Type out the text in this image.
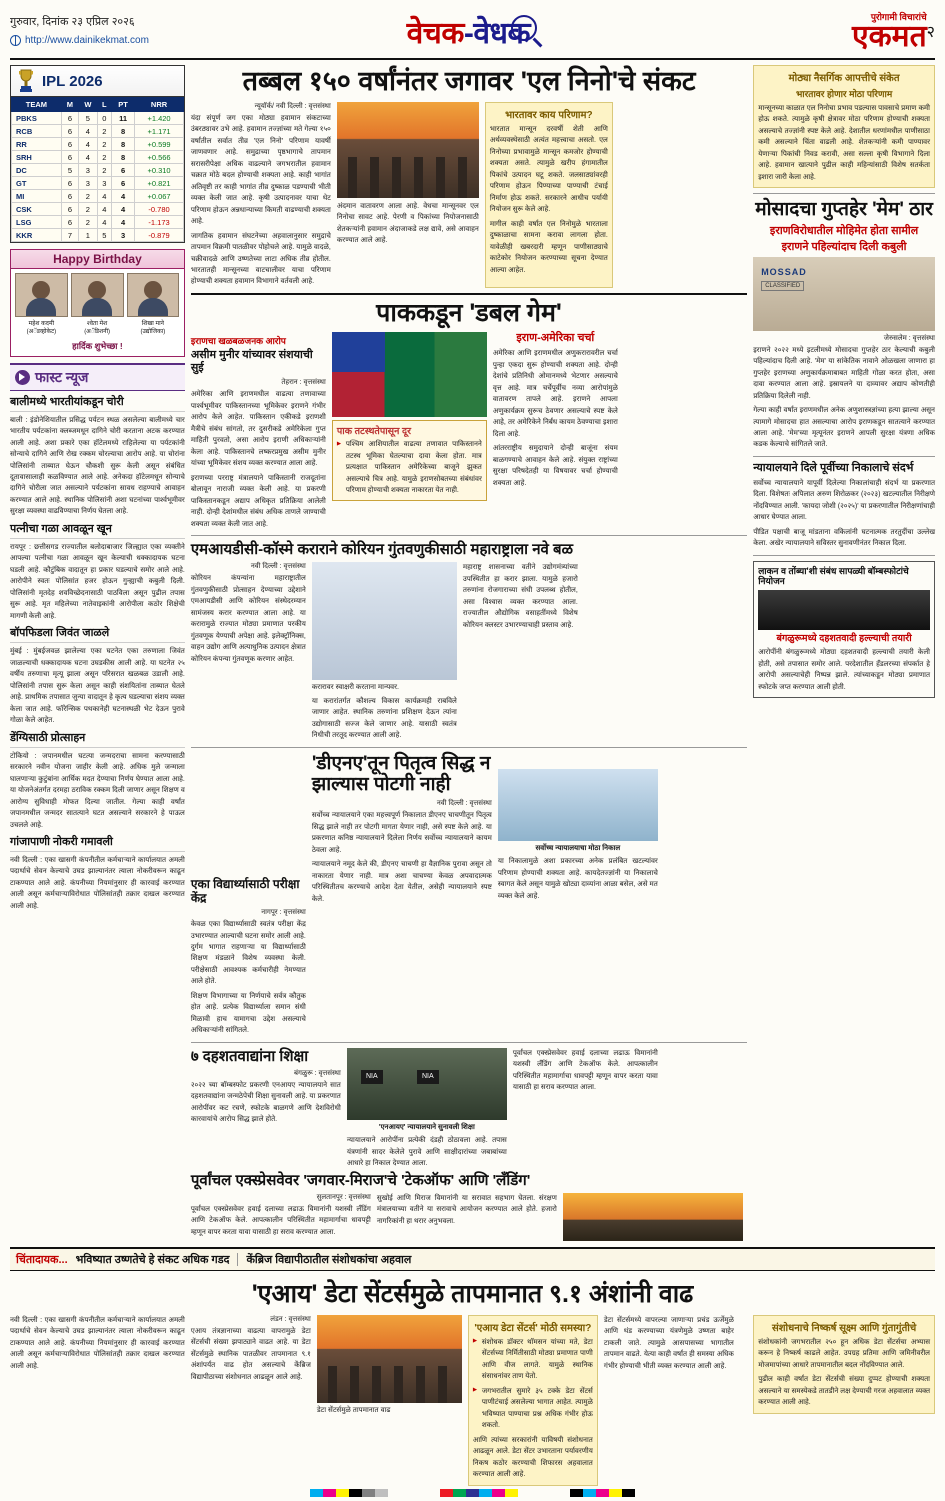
गुरुवार, दिनांक २३ एप्रिल २०२६
http://www.dainikekmat.com	वेचक-वेधक	पुरोगामी विचारांचे
एकमत २
IPL 2026
TEAM	M	W	L	PT	NRR
PBKS	6	5	0	11	+1.420
RCB	6	4	2	8	+1.171
RR	6	4	2	8	+0.599
SRH	6	4	2	8	+0.566
DC	5	3	2	6	+0.310
GT	6	3	3	6	+0.821
MI	6	2	4	4	+0.067
CSK	6	2	4	4	-0.780
LSG	6	2	4	4	-1.173
KKR	7	1	5	3	-0.879
Happy Birthday
महेश कदमी
(अॅडव्होकेट)
श्वेता मेश
(अॅडिशनी)
शिखा माने
(उद्योजिका)
हार्दिक शुभेच्छा !
फास्ट न्यूज
बालीमध्ये भारतीयांकडून चोरी
बाली : इंडोनेशियातील प्रसिद्ध पर्यटन स्थळ असलेल्या बालीमध्ये चार भारतीय पर्यटकांना क्लब्जमधून दागिने चोरी करताना अटक करण्यात आली आहे. अशा प्रकारे एका हॉटेलमध्ये राहिलेल्या या पर्यटकांनी सोन्याचे दागिने आणि रोख रक्कम चोरल्याचा आरोप आहे. या चोरांना पोलिसांनी ताब्यात घेऊन चौकशी सुरू केली असून संबंधित दूतावासालाही कळविण्यात आले आहे. अनेकदा हॉटेलमधून सोन्याचे दागिने चोरीला जात असल्याने पर्यटकांना सावध राहण्याचे आवाहन करण्यात आले आहे. स्थानिक पोलिसांनी अशा घटनांच्या पार्श्वभूमीवर सुरक्षा व्यवस्था वाढविण्याचा निर्णय घेतला आहे.
पत्नीचा गळा आवळून खून
रायपूर : छत्तीसगड राज्यातील बलोदाबाजार जिल्ह्यात एका व्यक्तीने आपल्या पत्नीचा गळा आवळून खून केल्याची धक्कादायक घटना घडली आहे. कौटुंबिक वादातून हा प्रकार घडल्याचे समोर आले आहे. आरोपीने स्वतः पोलिसांत हजर होऊन गुन्ह्याची कबुली दिली. पोलिसांनी मृतदेह शवविच्छेदनासाठी पाठविला असून पुढील तपास सुरू आहे. मृत महिलेच्या नातेवाइकांनी आरोपीला कठोर शिक्षेची मागणी केली आहे.
बॉपफिडला जिवंत जाळले
मुंबई : मुंबईजवळ झालेल्या एका घटनेत एका तरुणाला जिवंत जाळल्याची धक्कादायक घटना उघडकीस आली आहे. या घटनेत २५ वर्षीय तरुणाचा मृत्यू झाला असून परिसरात खळबळ उडाली आहे. पोलिसांनी तपास सुरू केला असून काही संशयितांना ताब्यात घेतले आहे. प्राथमिक तपासात जुन्या वादातून हे कृत्य घडल्याचा संशय व्यक्त केला जात आहे. फॉरेन्सिक पथकानेही घटनास्थळी भेट देऊन पुरावे गोळा केले आहेत.
डेंग्यिसाठी प्रोत्साहन
टोकियो : जपानमधील घटत्या जन्मदराचा सामना करण्यासाठी सरकारने नवीन योजना जाहीर केली आहे. अधिक मुले जन्माला घालणाऱ्या कुटुंबांना आर्थिक मदत देण्याचा निर्णय घेण्यात आला आहे. या योजनेअंतर्गत दरमहा ठराविक रक्कम दिली जाणार असून शिक्षण व आरोग्य सुविधाही मोफत दिल्या जातील. गेल्या काही वर्षांत जपानमधील जन्मदर सातत्याने घटत असल्याने सरकारने हे पाऊल उचलले आहे.
गांजापाणी नोकरी गमावली
नवी दिल्ली : एका खासगी कंपनीतील कर्मचाऱ्याने कार्यालयात अमली पदार्थाचे सेवन केल्याचे उघड झाल्यानंतर त्याला नोकरीवरून काढून टाकण्यात आले आहे. कंपनीच्या नियमांनुसार ही कारवाई करण्यात आली असून कर्मचाऱ्याविरोधात पोलिसांतही तक्रार दाखल करण्यात आली आहे.
तब्बल १५० वर्षांनंतर जगावर 'एल निनो'चे संकट
न्यूयॉर्क/ नवी दिल्ली : वृत्तसंस्था
यंदा संपूर्ण जग एका मोठ्या हवामान संकटाच्या उंबरठ्यावर उभे आहे. हवामान तज्ज्ञांच्या मते गेल्या १५० वर्षांतील सर्वात तीव्र 'एल निनो' परिणाम यावर्षी जाणवणार आहे. समुद्राच्या पृष्ठभागाचे तापमान सरासरीपेक्षा अधिक वाढल्याने जगभरातील हवामान चक्रात मोठे बदल होण्याची शक्यता आहे. काही भागांत अतिवृष्टी तर काही भागांत तीव्र दुष्काळ पडण्याची भीती व्यक्त केली जात आहे. कृषी उत्पादनावर याचा थेट परिणाम होऊन अन्नधान्याच्या किमती वाढण्याची शक्यता आहे.
जागतिक हवामान संघटनेच्या अहवालानुसार समुद्राचे तापमान विक्रमी पातळीवर पोहोचले आहे. यामुळे वादळे, चक्रीवादळे आणि उष्णतेच्या लाटा अधिक तीव्र होतील. भारतातही मान्सूनच्या वाटचालीवर याचा परिणाम होण्याची शक्यता हवामान विभागाने वर्तवली आहे.
अंदमान वातावरण आला आहे. वेधचा मान्सूनवर एल निनोचा सावट आहे. पेरणी व पिकांच्या नियोजनासाठी शेतकऱ्यांनी हवामान अंदाजाकडे लक्ष द्यावे, असे आवाहन करण्यात आले आहे.
भारतावर काय परिणाम?
भारतात मान्सून दरवर्षी शेती आणि अर्थव्यवस्थेसाठी अत्यंत महत्त्वाचा असतो. एल निनोच्या प्रभावामुळे मान्सून कमजोर होण्याची शक्यता असते. त्यामुळे खरीप हंगामातील पिकांचे उत्पादन घटू शकते. जलसाठ्यांवरही परिणाम होऊन पिण्याच्या पाण्याची टंचाई निर्माण होऊ शकते. सरकारने आधीच पर्यायी नियोजन सुरू केले आहे.
मागील काही वर्षांत एल निनोमुळे भारताला दुष्काळाचा सामना करावा लागला होता. यावेळीही खबरदारी म्हणून पाणीसाठ्याचे काटेकोर नियोजन करण्याच्या सूचना देण्यात आल्या आहेत.
पाककडून 'डबल गेम'
इराणचा खळबळजनक आरोप
असीम मुनीर यांच्यावर संशयाची सुई
तेहरान : वृत्तसंस्था
अमेरिका आणि इराणमधील वाढत्या तणावाच्या पार्श्वभूमीवर पाकिस्तानच्या भूमिकेवर इराणने गंभीर आरोप केले आहेत. पाकिस्तान एकीकडे इराणशी मैत्रीचे संबंध सांगतो, तर दुसरीकडे अमेरिकेला गुप्त माहिती पुरवतो, असा आरोप इराणी अधिकाऱ्यांनी केला आहे. पाकिस्तानचे लष्करप्रमुख असीम मुनीर यांच्या भूमिकेवर संशय व्यक्त करण्यात आला आहे.
इराणच्या परराष्ट्र मंत्रालयाने पाकिस्तानी राजदूतांना बोलावून नाराजी व्यक्त केली आहे. या प्रकरणी पाकिस्तानकडून अद्याप अधिकृत प्रतिक्रिया आलेली नाही. दोन्ही देशांमधील संबंध अधिक ताणले जाण्याची शक्यता व्यक्त केली जात आहे.
पाक तटस्थतेपासून दूर
▶ पश्चिम आशियातील वाढत्या तणावात पाकिस्तानने तटस्थ भूमिका घेतल्याचा दावा केला होता. मात्र प्रत्यक्षात पाकिस्तान अमेरिकेच्या बाजूने झुकत असल्याचे चित्र आहे. यामुळे इराणसोबतच्या संबंधांवर परिणाम होण्याची शक्यता नाकारता येत नाही.
इराण-अमेरिका चर्चा
अमेरिका आणि इराणमधील अणुकरारावरील चर्चा पुन्हा एकदा सुरू होण्याची शक्यता आहे. दोन्ही देशांचे प्रतिनिधी ओमानमध्ये भेटणार असल्याचे वृत्त आहे. मात्र चर्चेपूर्वीच नव्या आरोपांमुळे वातावरण तापले आहे. इराणने आपला अणुकार्यक्रम सुरूच ठेवणार असल्याचे स्पष्ट केले आहे, तर अमेरिकेने निर्बंध कायम ठेवण्याचा इशारा दिला आहे.
आंतरराष्ट्रीय समुदायाने दोन्ही बाजूंना संयम बाळगण्याचे आवाहन केले आहे. संयुक्त राष्ट्रांच्या सुरक्षा परिषदेतही या विषयावर चर्चा होण्याची शक्यता आहे.
एमआयडीसी-कॉस्मे कराराने कोरियन गुंतवणुकीसाठी महाराष्ट्राला नवे बळ
नवी दिल्ली : वृत्तसंस्था
कोरियन कंपन्यांना महाराष्ट्रातील गुंतवणुकीसाठी प्रोत्साहन देण्याच्या उद्देशाने एमआयडीसी आणि कोरियन संस्थेदरम्यान सामंजस्य करार करण्यात आला आहे. या करारामुळे राज्यात मोठ्या प्रमाणात परकीय गुंतवणूक येण्याची अपेक्षा आहे. इलेक्ट्रॉनिक्स, वाहन उद्योग आणि अत्याधुनिक उत्पादन क्षेत्रात कोरियन कंपन्या गुंतवणूक करणार आहेत.
करारावर स्वाक्षरी करताना मान्यवर.
या करारांतर्गत कौशल्य विकास कार्यक्रमही राबविले जाणार आहेत. स्थानिक तरुणांना प्रशिक्षण देऊन त्यांना उद्योगासाठी सज्ज केले जाणार आहे. यासाठी स्वतंत्र निधीची तरतूद करण्यात आली आहे.
महाराष्ट्र शासनाच्या वतीने उद्योगमंत्र्यांच्या उपस्थितीत हा करार झाला. यामुळे हजारो तरुणांना रोजगाराच्या संधी उपलब्ध होतील, असा विश्वास व्यक्त करण्यात आला. राज्यातील औद्योगिक वसाहतींमध्ये विशेष कोरियन क्लस्टर उभारण्याचाही प्रस्ताव आहे.
एका विद्यार्थ्यासाठी परीक्षा केंद्र
नागपूर : वृत्तसंस्था
केवळ एका विद्यार्थ्यासाठी स्वतंत्र परीक्षा केंद्र उभारण्यात आल्याची घटना समोर आली आहे. दुर्गम भागात राहणाऱ्या या विद्यार्थ्यासाठी शिक्षण मंडळाने विशेष व्यवस्था केली. परीक्षेसाठी आवश्यक कर्मचारीही नेमण्यात आले होते.
शिक्षण विभागाच्या या निर्णयाचे सर्वत्र कौतुक होत आहे. प्रत्येक विद्यार्थ्याला समान संधी मिळावी हाच यामागचा उद्देश असल्याचे अधिकाऱ्यांनी सांगितले.
'डीएनए'तून पितृत्व सिद्ध न झाल्यास पोटगी नाही
नवी दिल्ली : वृत्तसंस्था
सर्वोच्च न्यायालयाने एका महत्त्वपूर्ण निकालात डीएनए चाचणीतून पितृत्व सिद्ध झाले नाही तर पोटगी मागता येणार नाही, असे स्पष्ट केले आहे. या प्रकरणात कनिष्ठ न्यायालयाने दिलेला निर्णय सर्वोच्च न्यायालयाने कायम ठेवला आहे.
न्यायालयाने नमूद केले की, डीएनए चाचणी हा वैज्ञानिक पुरावा असून तो नाकारता येणार नाही. मात्र अशा चाचण्या केवळ अपवादात्मक परिस्थितीतच करण्याचे आदेश देता येतील, असेही न्यायालयाने स्पष्ट केले.
सर्वोच्च न्यायालयाचा मोठा निकाल
या निकालामुळे अशा प्रकारच्या अनेक प्रलंबित खटल्यांवर परिणाम होण्याची शक्यता आहे. कायदेतज्ज्ञांनी या निकालाचे स्वागत केले असून यामुळे खोट्या दाव्यांना आळा बसेल, असे मत व्यक्त केले आहे.
७ दहशतवाद्यांना शिक्षा
बंगळुरू : वृत्तसंस्था
२०२२ च्या बॉम्बस्फोट प्रकरणी एनआयए न्यायालयाने सात दहशतवाद्यांना जन्मठेपेची शिक्षा सुनावली आहे. या प्रकरणात आरोपींवर कट रचणे, स्फोटके बाळगणे आणि देशविरोधी कारवायांचे आरोप सिद्ध झाले होते.
NIA	NIA
'एनआयए' न्यायालयाने सुनावली शिक्षा
न्यायालयाने आरोपींना प्रत्येकी दंडही ठोठावला आहे. तपास यंत्रणांनी सादर केलेले पुरावे आणि साक्षीदारांच्या जबाबांच्या आधारे हा निकाल देण्यात आला.
पूर्वांचल एक्स्प्रेसवेवर हवाई दलाच्या लढाऊ विमानांनी यशस्वी लँडिंग आणि टेकऑफ केले. आपत्कालीन परिस्थितीत महामार्गाचा धावपट्टी म्हणून वापर करता यावा यासाठी हा सराव करण्यात आला.
पूर्वांचल एक्स्प्रेसवेवर 'जगवार-मिराज'चे 'टेकऑफ' आणि 'लँडिंग'
सुलतानपूर : वृत्तसंस्था
पूर्वांचल एक्स्प्रेसवेवर हवाई दलाच्या लढाऊ विमानांनी यशस्वी लँडिंग आणि टेकऑफ केले. आपत्कालीन परिस्थितीत महामार्गाचा धावपट्टी म्हणून वापर करता यावा यासाठी हा सराव करण्यात आला.
सुखोई आणि मिराज विमानांनी या सरावात सहभाग घेतला. संरक्षण मंत्रालयाच्या वतीने या सरावाचे आयोजन करण्यात आले होते. हजारो नागरिकांनी हा थरार अनुभवला.
मोठ्या नैसर्गिक आपत्तीचे संकेत
भारतावर होणार मोठा परिणाम
मान्सूनच्या काळात एल निनोचा प्रभाव पडल्यास पावसाचे प्रमाण कमी होऊ शकते. त्यामुळे कृषी क्षेत्रावर मोठा परिणाम होण्याची शक्यता असल्याचे तज्ज्ञांनी स्पष्ट केले आहे. देशातील धरणांमधील पाणीसाठा कमी असल्याने चिंता वाढली आहे. शेतकऱ्यांनी कमी पाण्यावर येणाऱ्या पिकांची निवड करावी, असा सल्ला कृषी विभागाने दिला आहे. हवामान खात्याने पुढील काही महिन्यांसाठी विशेष सतर्कता इशारा जारी केला आहे.
मोसादचा गुप्तहेर 'मेम' ठार
इराणविरोधातील मोहिमेत होता सामील
इराणने पहिल्यांदाच दिली कबुली
CLASSIFIED
MOSSAD
जेरुसलेम : वृत्तसंस्था
इराणने २०२२ मध्ये इटलीमध्ये मोसादचा गुप्तहेर ठार केल्याची कबुली पहिल्यांदाच दिली आहे. 'मेम' या सांकेतिक नावाने ओळखला जाणारा हा गुप्तहेर इराणच्या अणुकार्यक्रमाबाबत माहिती गोळा करत होता, असा दावा करण्यात आला आहे. इस्रायलने या दाव्यावर अद्याप कोणतीही प्रतिक्रिया दिलेली नाही.
गेल्या काही वर्षांत इराणमधील अनेक अणुशास्त्रज्ञांच्या हत्या झाल्या असून त्यामागे मोसादचा हात असल्याचा आरोप इराणकडून सातत्याने करण्यात आला आहे. 'मेम'च्या मृत्यूनंतर इराणने आपली सुरक्षा यंत्रणा अधिक कडक केल्याचे सांगितले जाते.
न्यायालयाने दिले पूर्वीच्या निकालाचे संदर्भ
सर्वोच्च न्यायालयाने यापूर्वी दिलेल्या निकालांचाही संदर्भ या प्रकरणात दिला. विशेषतः अपिलात अरुण शिरोळकर (२०२३) खटल्यातील निरीक्षणे नोंदविण्यात आली. 'कायदा जोशी (२०२५)' या प्रकरणातील निरीक्षणांचाही आधार घेण्यात आला.
पीडित पक्षाची बाजू मांडताना वकिलांनी घटनात्मक तरतुदींचा उल्लेख केला. अखेर न्यायालयाने सविस्तर सुनावणीनंतर निकाल दिला.
लाकन व तोंब्या'शी संबंध सापळ्यी बॉम्बस्फोटांचे नियोजन
बंगळुरूमध्ये दहशतवादी हल्ल्याची तयारी
आरोपींनी बंगळुरूमध्ये मोठ्या दहशतवादी हल्ल्याची तयारी केली होती, असे तपासात समोर आले. परदेशातील हँडलरच्या संपर्कात हे आरोपी असल्याचेही निष्पन्न झाले. त्यांच्याकडून मोठ्या प्रमाणात स्फोटके जप्त करण्यात आली होती.
चिंतादायक... भविष्यात उष्णतेचे हे संकट अधिक गडद केंब्रिज विद्यापीठातील संशोधकांचा अहवाल
'एआय' डेटा सेंटर्समुळे तापमानात ९.१ अंशांनी वाढ
नवी दिल्ली : एका खासगी कंपनीतील कर्मचाऱ्याने कार्यालयात अमली पदार्थाचे सेवन केल्याचे उघड झाल्यानंतर त्याला नोकरीवरून काढून टाकण्यात आले आहे. कंपनीच्या नियमांनुसार ही कारवाई करण्यात आली असून कर्मचाऱ्याविरोधात पोलिसांतही तक्रार दाखल करण्यात आली आहे.
लंडन : वृत्तसंस्था
एआय तंत्रज्ञानाच्या वाढत्या वापरामुळे डेटा सेंटर्सची संख्या झपाट्याने वाढत आहे. या डेटा सेंटर्समुळे स्थानिक पातळीवर तापमानात ९.१ अंशांपर्यंत वाढ होत असल्याचे केंब्रिज विद्यापीठाच्या संशोधनात आढळून आले आहे.
डेटा सेंटर्समुळे तापमानात वाढ
'एआय डेटा सेंटर्स' मोठी समस्या?
▶ संशोधक डॉक्टर थॉमसन यांच्या मते, डेटा सेंटर्सच्या निर्मितीसाठी मोठ्या प्रमाणात पाणी आणि वीज लागते. यामुळे स्थानिक संसाधनांवर ताण येतो.
▶ जगभरातील सुमारे ३५ टक्के डेटा सेंटर्स पाणीटंचाई असलेल्या भागात आहेत. त्यामुळे भविष्यात पाण्याचा प्रश्न अधिक गंभीर होऊ शकतो.
आणि त्यांच्या सरकारांनी याविषयी संशोधनात आढळून आले. डेटा सेंटर उभारताना पर्यावरणीय निकष कठोर करण्याची शिफारस अहवालात करण्यात आली आहे.
डेटा सेंटर्समध्ये वापरल्या जाणाऱ्या प्रचंड ऊर्जेमुळे आणि थंड करण्याच्या यंत्रणेमुळे उष्णता बाहेर टाकली जाते. त्यामुळे आसपासच्या भागातील तापमान वाढते. येत्या काही वर्षांत ही समस्या अधिक गंभीर होण्याची भीती व्यक्त करण्यात आली आहे.
संशोधनाचे निष्कर्ष सूक्ष्म आणि गुंतागुंतीचे
संशोधकांनी जगभरातील २५० हून अधिक डेटा सेंटर्सचा अभ्यास करून हे निष्कर्ष काढले आहेत. उपग्रह प्रतिमा आणि जमिनीवरील मोजमापांच्या आधारे तापमानातील बदल नोंदविण्यात आले.
पुढील काही वर्षांत डेटा सेंटर्सची संख्या दुप्पट होण्याची शक्यता असल्याने या समस्येकडे तातडीने लक्ष देण्याची गरज अहवालात व्यक्त करण्यात आली आहे.
